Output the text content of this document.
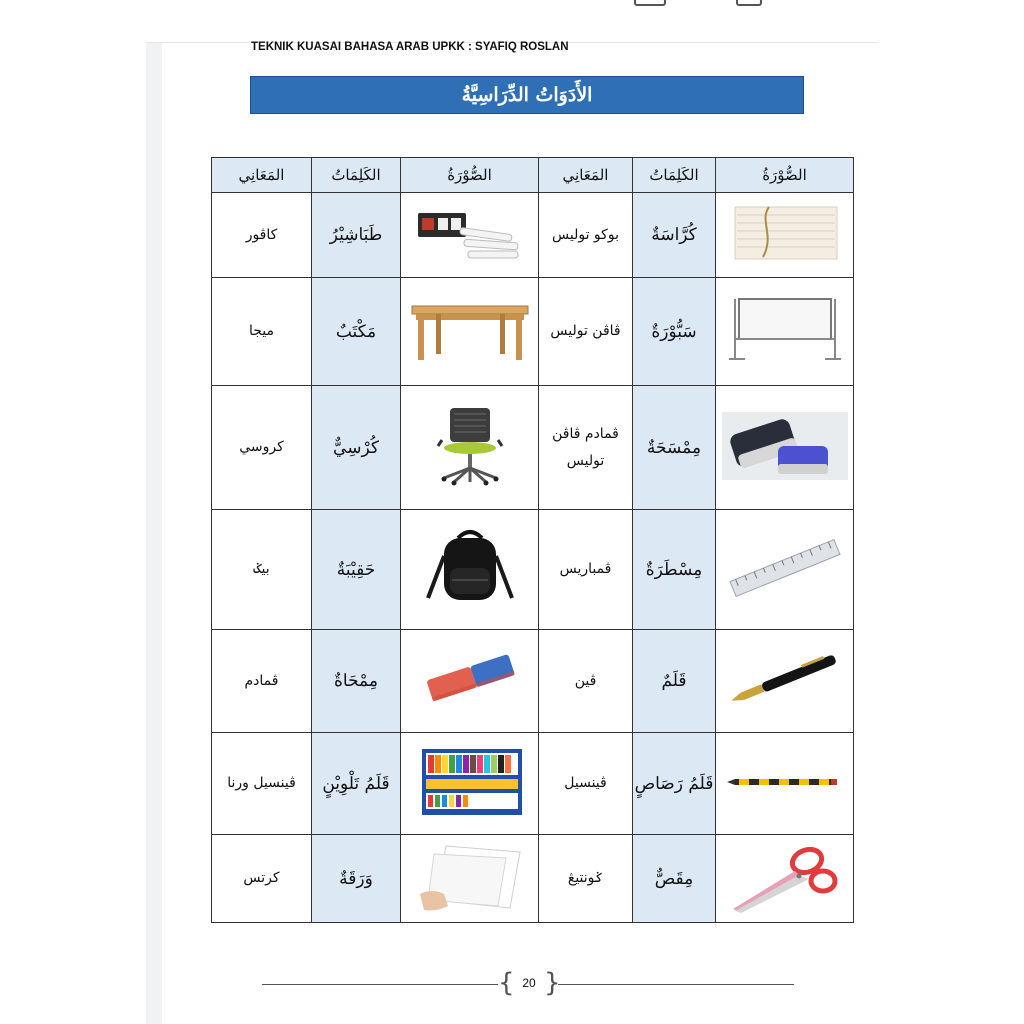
TEKNIK KUASAI BAHASA ARAB UPKK : SYAFIQ ROSLAN
الأَدَوَاتُ الدِّرَاسِيَّةُ
المَعَانِي	الكَلِمَاتُ	الصُّوْرَةُ	المَعَانِي	الكَلِمَاتُ	الصُّوْرَةُ
كاڤور	طَبَاشِيْرُ		بوكو توليس	كُرَّاسَةٌ	
ميجا	مَكْتَبٌ		ڤاڤن توليس	سَبُّوْرَةٌ	
كروسي	كُرْسِيٌّ		ڤمادم ڤاڤن توليس	مِمْسَحَةٌ	
بيݢ	حَقِيْبَةٌ		ڤمباريس	مِسْطَرَةٌ	
ڤمادم	مِمْحَاةٌ		ڤين	قَلَمٌ	
ڤينسيل ورنا	قَلَمُ تَلْوِيْنٍ		ڤينسيل	قَلَمُ رَصَاصٍ	
كرتس	وَرَقَةٌ		ݢونتيڠ	مِقَصٌّ	
{ }
20
